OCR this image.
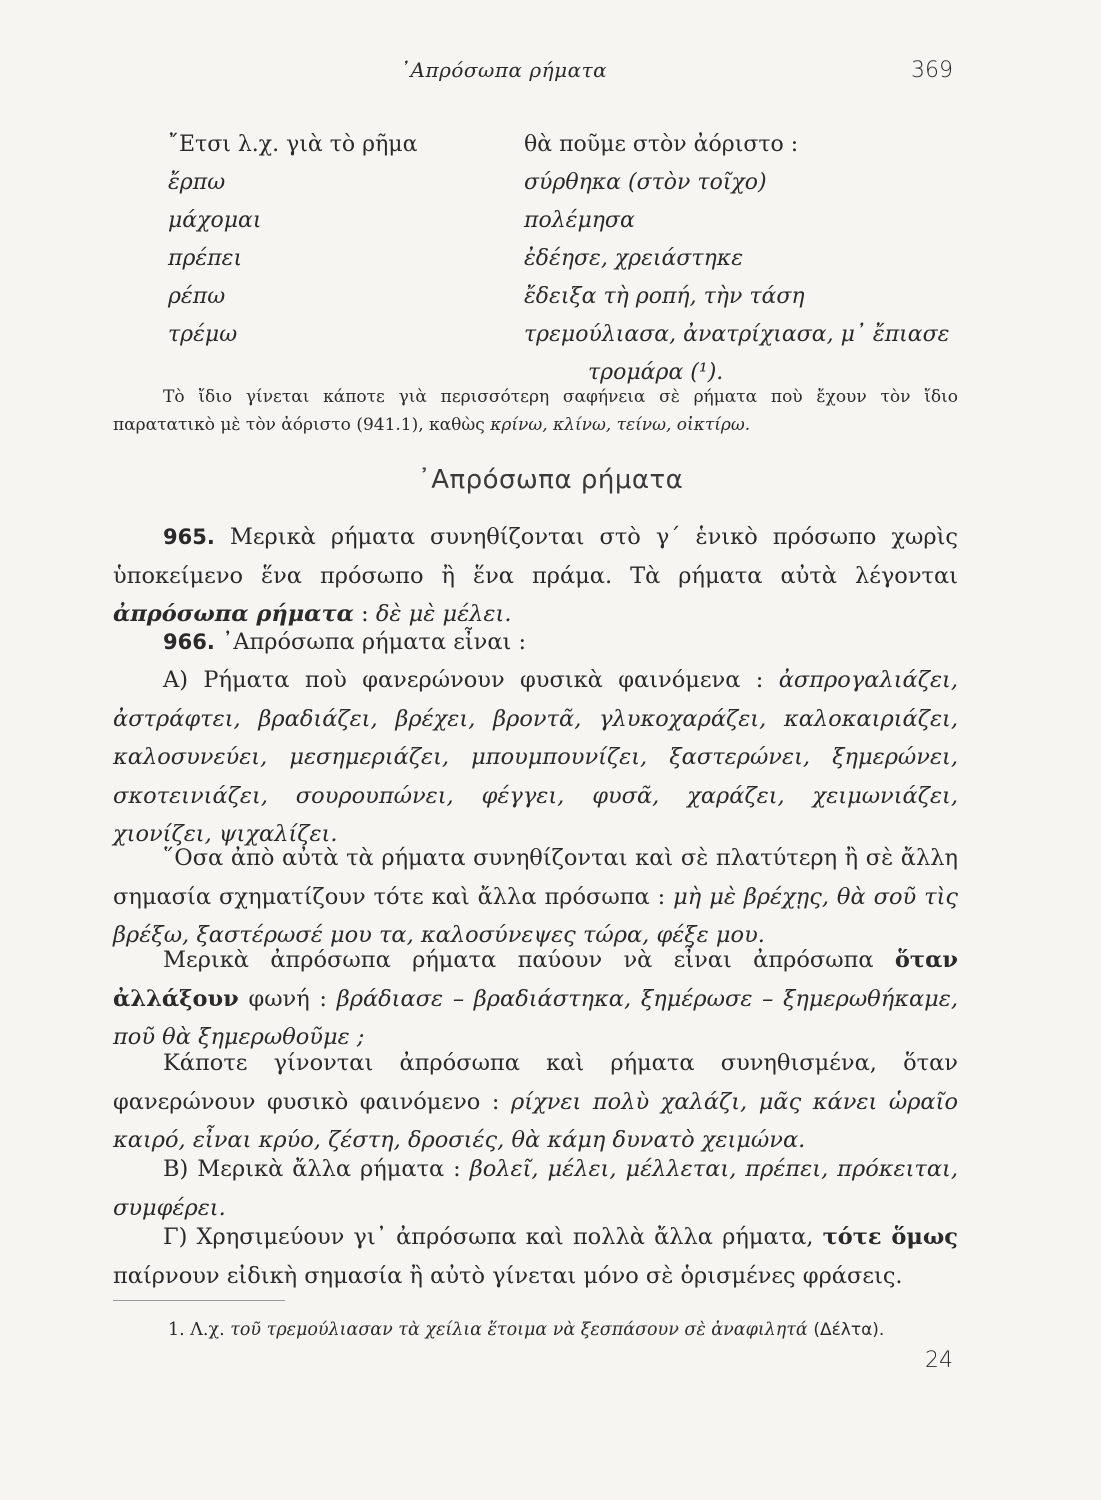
᾿Απρόσωπα ρήματα	369
῎Ετσι λ.χ. γιὰ τὸ ρῆμα	θὰ ποῦμε στὸν ἀόριστο :
ἔρπω	σύρθηκα (στὸν τοῖχο)
μάχομαι	πολέμησα
πρέπει	ἐδέησε, χρειάστηκε
ρέπω	ἔδειξα τὴ ροπή, τὴν τάση
τρέμω	τρεμούλιασα, ἀνατρίχιασα, μ᾿ ἔπιασε
τρομάρα (¹).
Τὸ ἴδιο γίνεται κάποτε γιὰ περισσότερη σαφήνεια σὲ ρήματα ποὺ ἔχουν τὸν ἴδιο παρατατικὸ μὲ τὸν ἀόριστο (941.1), καθὼς κρίνω, κλίνω, τείνω, οἰκτίρω.
᾿Απρόσωπα ρήματα

965. Μερικὰ ρήματα συνηθίζονται στὸ γ΄ ἑνικὸ πρόσωπο χωρὶς ὑποκείμενο ἕνα πρόσωπο ἢ ἕνα πράμα. Τὰ ρήματα αὐτὰ λέγονται ἀπρόσωπα ρήματα : δὲ μὲ μέλει.

966. ᾿Απρόσωπα ρήματα εἶναι :

Α) Ρήματα ποὺ φανερώνουν φυσικὰ φαινόμενα : ἀσπρογαλιάζει, ἀστράφτει, βραδιάζει, βρέχει, βροντᾶ, γλυκοχαράζει, καλοκαιριάζει, καλοσυνεύει, μεσημεριάζει, μπουμπουνίζει, ξαστερώνει, ξημερώνει, σκοτεινιάζει, σουρουπώνει, φέγγει, φυσᾶ, χαράζει, χειμωνιάζει, χιονίζει, ψιχαλίζει.

῞Οσα ἀπὸ αὐτὰ τὰ ρήματα συνηθίζονται καὶ σὲ πλατύτερη ἢ σὲ ἄλλη σημασία σχηματίζουν τότε καὶ ἄλλα πρόσωπα : μὴ μὲ βρέχῃς, θὰ σοῦ τὶς βρέξω, ξαστέρωσέ μου τα, καλοσύνεψες τώρα, φέξε μου.

Μερικὰ ἀπρόσωπα ρήματα παύουν νὰ εἶναι ἀπρόσωπα ὅταν ἀλλάξουν φωνή : βράδιασε – βραδιάστηκα, ξημέρωσε – ξημερωθήκαμε, ποῦ θὰ ξημερωθοῦμε ;

Κάποτε γίνονται ἀπρόσωπα καὶ ρήματα συνηθισμένα, ὅταν φανερώνουν φυσικὸ φαινόμενο : ρίχνει πολὺ χαλάζι, μᾶς κάνει ὡραῖο καιρό, εἶναι κρύο, ζέστη, δροσιές, θὰ κάμη δυνατὸ χειμώνα.

Β) Μερικὰ ἄλλα ρήματα : βολεῖ, μέλει, μέλλεται, πρέπει, πρόκειται, συμφέρει.

Γ) Χρησιμεύουν γι᾿ ἀπρόσωπα καὶ πολλὰ ἄλλα ρήματα, τότε ὅμως παίρνουν εἰδικὴ σημασία ἢ αὐτὸ γίνεται μόνο σὲ ὁρισμένες φράσεις.

1. Λ.χ. τοῦ τρεμούλιασαν τὰ χείλια ἕτοιμα νὰ ξεσπάσουν σὲ ἀναφιλητά (Δέλτα).
24
